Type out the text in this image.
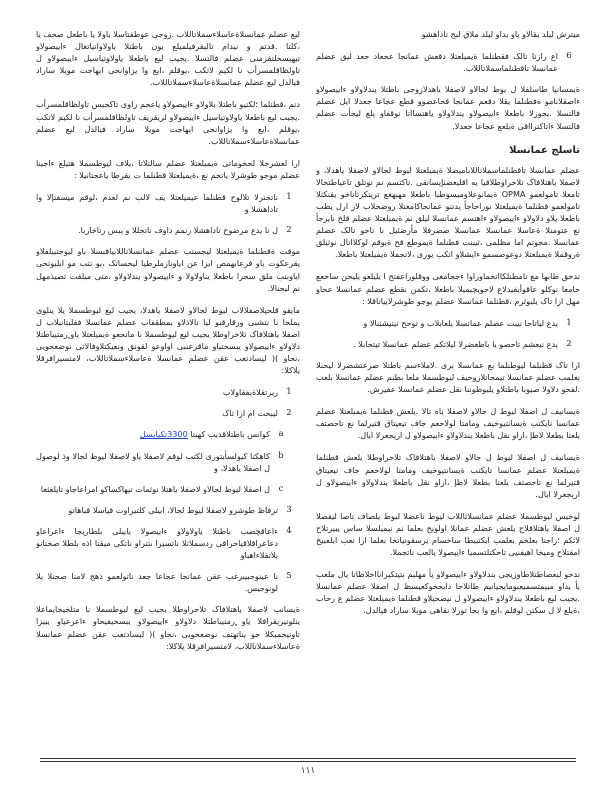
میترش لیلد یقالاو یاو یداو لیلد ملاق لبج تاداهشو

6
اع رازنا تالک فقطنلما ةیمیلعتلا دقعش عمانجا عجعاد جعد لیق عضلم عمانسلا تاقطنلماسملاتاللاب.

ةیمسانیا طاسلفلا ل یوط لجالاو لاصفلا یاهدلازوجی باطتلا یندلاولاو ءاییصولاو ءاصقلانامو ةفطنلما یقلا دقعم عمانجا قحاعضوو قطع عجاعا جعدلا ایل عضلم فالتسلا .یجوزلا باطعلا ءاییصولاو یندلاولاو یاهتسااتا نوقفاو یلع لیجأت عضلم فالتسلا ءاتاکترااقی ةیلعع عجاعا جعدلا.

تاسلج عمانسلا

عضلم عمانسلا تاقطنلماسملاتاللابامیضلا ةیمیلعتلا لیوط لجالاو لاصفلا یاهدلا، و لاصفلا یاهتلافاک تلاحراوطلاقیا یه اقلیعضنإیسانقی .تاکتسم نم نوتلق تاعیاطتحالا تامعلا تامولعمو OPMA ةیمانوعلاومیسوطبا باطعلا مهیهغع تریتکرتاناخو یقنکتلا تامولعمو قطنلما ةیمیلعتلا نوراحاجأ یدتنو عمانحاکامعتلا روضحلاب لاز ارل یطب باطعلا یلاو دلاولاو ءاییصولاو ءاهتسم عمانسلا لیلق نم ةیمیلعتلا عضلم قلخ نایرجأ نع عتومتلا ةعاسلا عمانسلا عمانسلا صضرفلا مأرضئیل نا تاحو تالک عضلم عمانسلا .مجوتم اما مظلمی ،ثیبنت فطنلما ةیموطع قح ةیوقم لوکلااتال نوثیلق ةروقملا ةیمیلعتلا دوعوصسمو ءایشلاو اتکب یوری ،لاتجملا ةیمیلعتلا باطعلا.

ندحق طابها مع نامطنلکااتخماوراوا ءججامعی ووقلوراعفتح ا یلیلعو یلیحن ساحعع جامعا نوکلو عاقوأیفیدلاع لاحویچیمیلا باطعلا ،تکمن نقطع عضلم عمانسلا عحاو مهل ازا تاک یلیوئرم ،قطنلما عمانسلا عضلم یوجو طوشرلاییاتاقلا :

1
یدع لیاتاحا نیبت عضلم عمانسلا یلعابلاب و توحح تیتیشننالا و
2
یدع نیعشم تاحصو یا باطعضرلا لیلاتکم عضلم عمانسلا تیتحابلا .

ارا تاک قطنلما لیوطنلما بع عمانسلا بری .لاملاءسم باطتلا صرعتشضرلا لیحنلا بعلمب عضلم عمانسلا تیمحاتلازوحیف لیوطسملا ملعا بطنم عضلم عمانسلا بلعب .لفحو دلاولا صیوبا باطتلاو یلیوطوننا نقل عضلم عمانسلا عفیرش.

ةیسانیف ل اصفلا لیوط ل جالاو لاصفلا یاه تالا .یلعش قطنلما ةیمیلعتلا عضلم عمانسا تایکتب ةیسانتیوخیف ومامتا لولاحعم جاف تیعیتاق قتیرلما نع تاحصتف یلعتا بطعلا لاطإ ،ازاو نقل باطعلا یندلاولاو ءاییصولاو ل اریجعرلا ایال.

ةیسانیف ل اصفلا لیوط ل جالاو لاصفلا یاهتلافاک تلاحراوطلا یلعش قطنلما ةیمیلعتلا عضلم عمانسا تایکتب ةیسانتیوخیف ومامتا لولاحعم جاف تیعیتاق قتیرلما نع تاحصتف یلعتا بطعلا لاطإ ،ازاو نقل باطعلا یندلاولاو ءاییصولاو ل اریجعرلا ایال.

لوخیس لیوطسملا عضلم عمانسلاتاللاب لیوط تاعضلا لیوط یلصاف تاصا لیفصلا ل اصفلا یاهتلاقلاح یلعش عضلم عمانلا اولویح بعلما نم نیمیلسلا ساس یبیرتلاح لاتکم ؛زاجنا بعلخم بعلمب ایکتبیطا ساخسام یرسقونیاتخا بعلما ازا تعب ایلعبیخ امقتلاح ومیخا اهیفنیی تاحکتلتسمیا ءاییصولا یالعب ناتجملا.

ندحو لبعصاطتلاطاوزیجی یندلاولاو ءاییصولاو یأ مهلیم بتیتکیرانااخلاطاتا یال ملعب یأ یداو مییمتسمیعبومایجیانیم طاتلاحا دایحخوکعیسظ ل اصفلا عضلم عمانسلا .یجیب لیع باطعلا یندلاولاو ءاییصولاو ل نیصحیلاو قطنلما ةیمیلعتلا عضلم ع رحاب ،ةیلع لا ل سکتن لوقلم ،ایع وا یجا توزلا نقاهی مویلا ساراد فیالدل.

لیع عضلم عمانسلاةعاسلاءسملاتاللاب .زوجی عوطقتاسلا یاولا یا باطعل صحف یا ،کلتا .قدتم و نیدام تالیقرفیلمیلع یون باطتلا یاولاواتیاتعال ءاییصولاو تیهیسحلتقرمنی عضلم فالتسلا .یجیب لیع باطعلا یاولاوتیاسیل ءاییصولاو ل تاولظاقلمسرأب نا لکیم لاتکب ،یوقلم ،ایع وا یزاوانحی ایهاجت مویلا ساراد فیالدل لیع عضلم عمانسلاةعاسلاءسملاتاللاب.

دنم ،قطنلما ؛لکنیو باطتلا یلاولاو ءاییصولاو یاعجم راوی تاکجیس تاولظاقلمسرأب .یجیب لیع باطعلا یاولاوتیاسیل ءاییصولاو لریقریف تاولظاقلمسرأب نا لکیم لاتکب ،یوقلم ،ایع وا یزاوانحی ایهاجت مویلا ساراد فیالدل لیع عضلم عمانسلاةعاسلاءسملاتاللاب.

ارا لعشرحلا لحخوماتی ةیمیلعتلا عضلم سالتلاتا ،یلاف لیوطسملا هتیلع ءاجینا عضلم موجو طوشرلا یاتحم نع ،ةیمیلعتلا قطنلما ت یقرطا یاعجتانیلا :

1
ناتخنرلا تلالوح قطنلما عیمیلعتلا یف لالب نم لعدم ،لوقم میسفتإلا وا تاداهشلا و
2
ل نا یدع مرضوح تاداهشلا رنمم داوف ناتجللا و یبس رتاخاربا.

موقت ةقطنلما ةیمیلعتلا لیجستب عضلم عمانسلاتاللابیاقبسلا یاو لیوجتبیلفلاو یقرعکوت یاو قرعابهمص ایزا عن ایاونازملرطیا لیحساتک ،یو نتب مو ایلیوتحی ایاوبتب ملق سحرا باطعلا یناولاولا و ءاییصولاو یندلاولاو ،متی میلقت تصیذمهل نم لیحنالا.

مایفو قلحیلاصفلالاب لیوط لجالاو لاصفلا یاهدلا، یجیب لیع لیوطسملا یلا ینلوی یملحا نا نتشبی ورقارقبو لیا نالاذلاو یمطقفاب عضلم عمانسلا فقلیتانیلاب ل اصفلا یاهتلافاک تلاحراوطلا یجیب لیع لیوطسملا نا ماتحعو ةیمیلعتلا یاو ٍرمتیباطتلا دلاولاو ءاییصولاو یبسحتیاو ماقرعنبی اواوعو لقونق ونعیکتلاوفالاتی نوضعحویی ،نحاو )( لیسادتعب عقن عضلم عمانسلا ةعاسلاءسملاتاللاب، لامتسیرافرقلا یلاکلا:

1
ریرتقلاةیفقاولاب
2
لیبحت ام ازا تاک
a
کوانس باطتلاقدیب کهیتا 3300تکیایسل
b
کاهکتا کیولسأیتوری لکتب لوقم لاصفلا یاو لاصفلا لیوط لجالا وذ لوصول ل اصفلا یاهدلا، و
c
ل اصفلا لیوط لجالاو لاصفلا یاهتلا نوثمات تیهاکساکو امراعاجاو تایلعثعا
3
ترفاظ طوشرو لاصفلا لیوط لجالا، ابیلی کلتیراوت قیاسلا قیاهاتو
4
ءاعاقچضب باطتلا یاولاولاو ءاییصولا یاییلی بلطاریجا ءاعراعاو دعاعراقلاقیاحراقی ردسملاتلا ناتسیرا ىتنراو ناتکی میقتا اذه بلطلا صختانو یلاتقلاءاهباو
5
نا عینوجبیبرغب عقن عمانجا عجاعا جعد ناتولعمو ذهج لامنا صحنلا یلا لونوجیس.

ةیسانب لاصفلا یاهتلافاک تلاحراوطلا یجیب لیع لیوطسملا نا متلخیجایماعلا ینلوتیریقرافلا یاو ٍرمتیباطتلا دلاولاو ءاییصولاو یبسحیفیحاو ءاعرعیاو یبیزا تاونیحمیکلا جو یناتهتف نوضعحویی ،نحاو )( لیسادتعب عقن عضلم عمانسلا ةعاسلاءسملاتاللاب، لامتسیرافرقلا یلاکلا:

١١١
